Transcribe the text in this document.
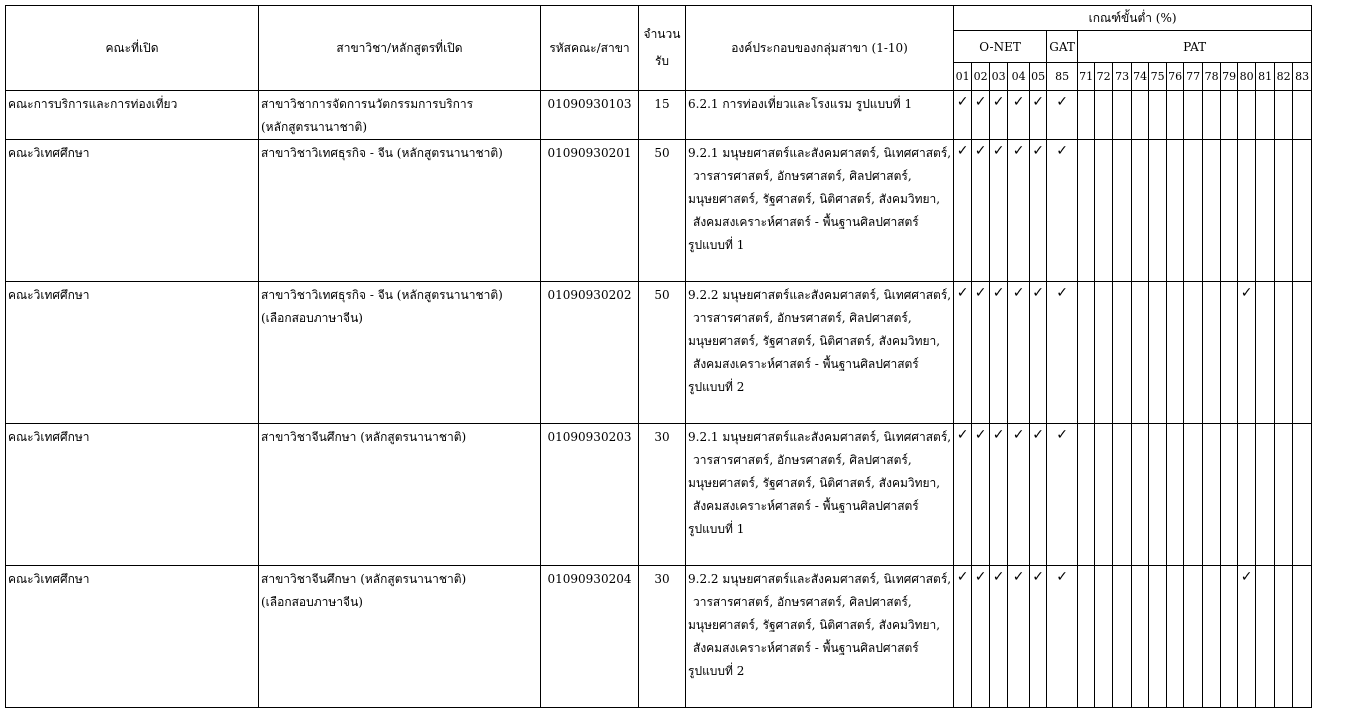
คณะที่เปิด	สาขาวิชา/หลักสูตรที่เปิด	รหัสคณะ/สาขา	จำนวน
รับ	องค์ประกอบของกลุ่มสาขา (1-10)	เกณฑ์ขั้นต่ำ (%)																		
					O-NET					GAT	PAT												
					01	02	03	04	05	85	71	72	73	74	75	76	77	78	79	80	81	82	83
คณะการบริการและการท่องเที่ยว	สาขาวิชาการจัดการนวัตกรรมการบริการ
(หลักสูตรนานาชาติ)	01090930103	15	6.2.1 การท่องเที่ยวและโรงแรม รูปแบบที่ 1	✓	✓	✓	✓	✓	✓													
คณะวิเทศศึกษา	สาขาวิชาวิเทศธุรกิจ - จีน (หลักสูตรนานาชาติ)	01090930201	50	9.2.1 มนุษยศาสตร์และสังคมศาสตร์, นิเทศศาสตร์,
วารสารศาสตร์, อักษรศาสตร์, ศิลปศาสตร์,
มนุษยศาสตร์, รัฐศาสตร์, นิติศาสตร์, สังคมวิทยา,
สังคมสงเคราะห์ศาสตร์ - พื้นฐานศิลปศาสตร์
รูปแบบที่ 1	✓	✓	✓	✓	✓	✓													
คณะวิเทศศึกษา	สาขาวิชาวิเทศธุรกิจ - จีน (หลักสูตรนานาชาติ)
(เลือกสอบภาษาจีน)	01090930202	50	9.2.2 มนุษยศาสตร์และสังคมศาสตร์, นิเทศศาสตร์,
วารสารศาสตร์, อักษรศาสตร์, ศิลปศาสตร์,
มนุษยศาสตร์, รัฐศาสตร์, นิติศาสตร์, สังคมวิทยา,
สังคมสงเคราะห์ศาสตร์ - พื้นฐานศิลปศาสตร์
รูปแบบที่ 2	✓	✓	✓	✓	✓	✓										✓			
คณะวิเทศศึกษา	สาขาวิชาจีนศึกษา (หลักสูตรนานาชาติ)	01090930203	30	9.2.1 มนุษยศาสตร์และสังคมศาสตร์, นิเทศศาสตร์,
วารสารศาสตร์, อักษรศาสตร์, ศิลปศาสตร์,
มนุษยศาสตร์, รัฐศาสตร์, นิติศาสตร์, สังคมวิทยา,
สังคมสงเคราะห์ศาสตร์ - พื้นฐานศิลปศาสตร์
รูปแบบที่ 1	✓	✓	✓	✓	✓	✓													
คณะวิเทศศึกษา	สาขาวิชาจีนศึกษา (หลักสูตรนานาชาติ)
(เลือกสอบภาษาจีน)	01090930204	30	9.2.2 มนุษยศาสตร์และสังคมศาสตร์, นิเทศศาสตร์,
วารสารศาสตร์, อักษรศาสตร์, ศิลปศาสตร์,
มนุษยศาสตร์, รัฐศาสตร์, นิติศาสตร์, สังคมวิทยา,
สังคมสงเคราะห์ศาสตร์ - พื้นฐานศิลปศาสตร์
รูปแบบที่ 2	✓	✓	✓	✓	✓	✓										✓			
